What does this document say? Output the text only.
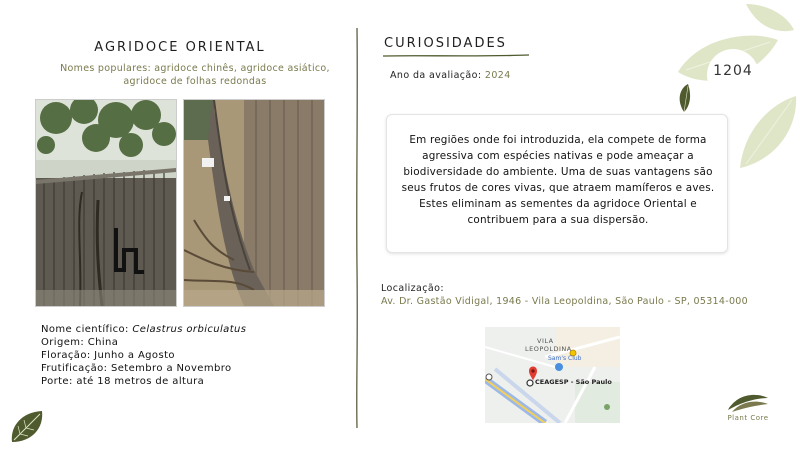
AGRIDOCE ORIENTAL
Nomes populares: agridoce chinês, agridoce asiático,
agridoce de folhas redondas
Nome científico: Celastrus orbiculatus
Origem: China
Floração: Junho a Agosto
Frutificação: Setembro a Novembro
Porte: até 18 metros de altura
CURIOSIDADES
Ano da avaliação: 2024

Em regiões onde foi introduzida, ela compete de forma agressiva com espécies nativas e pode ameaçar a biodiversidade do ambiente. Uma de suas vantagens são seus frutos de cores vivas, que atraem mamíferos e aves. Estes eliminam as sementes da agridoce Oriental e contribuem para a sua dispersão.

Localização:
Av. Dr. Gastão Vidigal, 1946 - Vila Leopoldina, São Paulo - SP, 05314-000
VILA
LEOPOLDINA
Sam's Club
CEAGESP - São Paulo
1204
Plant Core
